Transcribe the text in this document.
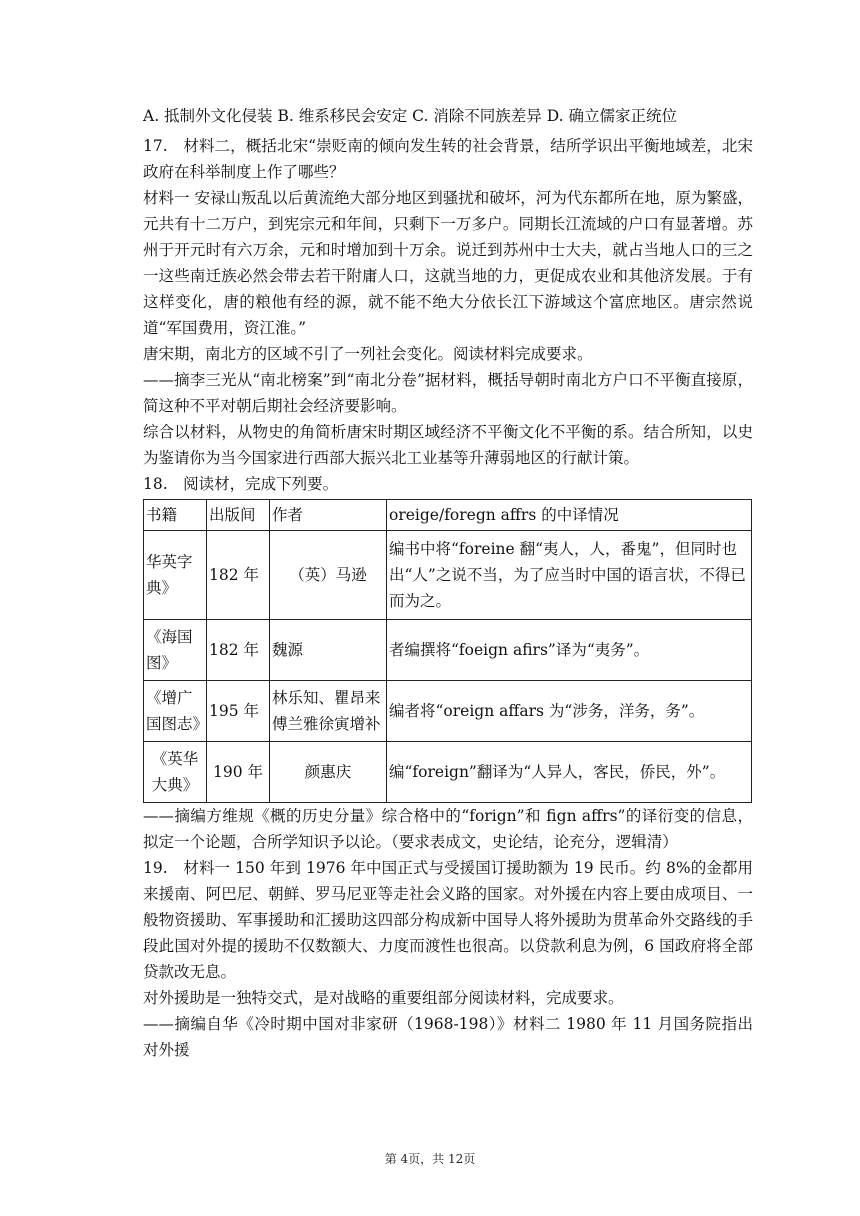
A. 抵制外文化侵装 B. 维系移民会安定 C. 消除不同族差异 D. 确立儒家正统位

17.　材料二，概括北宋“崇贬南的倾向发生转的社会背景，结所学识出平衡地域差，北宋政府在科举制度上作了哪些？

材料一 安禄山叛乱以后黄流绝大部分地区到骚扰和破坏，河为代东都所在地，原为繁盛，元共有十二万户，到宪宗元和年间，只剩下一万多户。同期长江流域的户口有显著增。苏州于开元时有六万余，元和时增加到十万余。说迁到苏州中士大夫，就占当地人口的三之一这些南迁族必然会带去若干附庸人口，这就当地的力，更促成农业和其他济发展。于有这样变化，唐的粮他有经的源，就不能不绝大分依长江下游域这个富庶地区。唐宗然说道“军国费用，资江淮。”

唐宋期，南北方的区域不引了一列社会变化。阅读材料完成要求。

——摘李三光从“南北榜案”到“南北分卷”据材料，概括导朝时南北方户口不平衡直接原，简这种不平对朝后期社会经济要影响。

综合以材料，从物史的角简析唐宋时期区域经济不平衡文化不平衡的系。结合所知，以史为鉴请你为当今国家进行西部大振兴北工业基等升薄弱地区的行献计策。

18.　阅读材，完成下列要。

书籍	出版间	作者	oreige/foregn affrs 的中译情况
华英字典》	182 年	（英）马逊	编书中将“foreine 翻“夷人，人，番鬼”，但同时也出“人”之说不当，为了应当时中国的语言状，不得已而为之。
《海国图》	182 年	魏源	者编撰将“foeign afirs”译为“夷务”。
《增广国图志》	195 年	林乐知、瞿昂来傅兰雅徐寅增补	编者将“oreign affars 为“涉务，洋务，务”。
《英华大典》	190 年	颜惠庆	编“foreign”翻译为“人异人，客民，侨民，外”。

——摘编方维规《概的历史分量》综合格中的“forign”和 fign affrs”的译衍变的信息，拟定一个论题，合所学知识予以论。（要求表成文，史论结，论充分，逻辑清）

19.　材料一 150 年到 1976 年中国正式与受援国订援助额为 19 民币。约 8%的金都用来援南、阿巴尼、朝鲜、罗马尼亚等走社会义路的国家。对外援在内容上要由成项目、一般物资援助、军事援助和汇援助这四部分构成新中国导人将外援助为贯革命外交路线的手段此国对外提的援助不仅数额大、力度而渡性也很高。以贷款利息为例，6 国政府将全部贷款改无息。

对外援助是一独特交式，是对战略的重要组部分阅读材料，完成要求。

——摘编自华《冷时期中国对非家研（1968-198）》材料二 1980 年 11 月国务院指出对外援

第 4页，共 12页
